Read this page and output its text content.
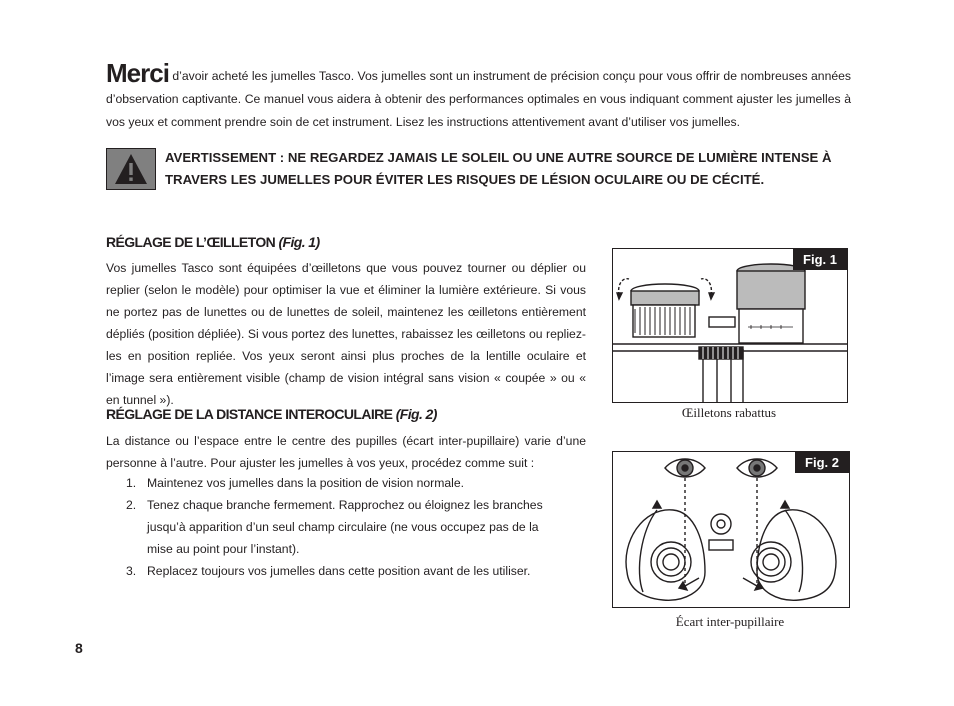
Merci d’avoir acheté les jumelles Tasco. Vos jumelles sont un instrument de précision conçu pour vous offrir de nombreuses années d’observation captivante. Ce manuel vous aidera à obtenir des performances optimales en vous indiquant comment ajuster les jumelles à vos yeux et comment prendre soin de cet instrument. Lisez les instructions attentivement avant d’utiliser vos jumelles.
AVERTISSEMENT : NE REGARDEZ JAMAIS LE SOLEIL OU UNE AUTRE SOURCE DE LUMIÈRE INTENSE À TRAVERS LES JUMELLES POUR ÉVITER LES RISQUES DE LÉSION OCULAIRE OU DE CÉCITÉ.
RÉGLAGE DE L’ŒILLETON (Fig. 1)
Vos jumelles Tasco sont équipées d’œilletons que vous pouvez tourner ou déplier ou replier (selon le modèle) pour optimiser la vue et éliminer la lumière extérieure. Si vous ne portez pas de lunettes ou de lunettes de soleil, maintenez les œilletons entièrement dépliés (position dépliée). Si vous portez des lunettes, rabaissez les œilletons ou repliez-les en position repliée. Vos yeux seront ainsi plus proches de la lentille oculaire et l’image sera entièrement visible (champ de vision intégral sans vision « coupée » ou « en tunnel »).
RÉGLAGE DE LA DISTANCE INTEROCULAIRE (Fig. 2)
La distance ou l’espace entre le centre des pupilles (écart inter-pupillaire) varie d’une personne à l’autre. Pour ajuster les jumelles à vos yeux, procédez comme suit :
1. Maintenez vos jumelles dans la position de vision normale.
2. Tenez chaque branche fermement. Rapprochez ou éloignez les branches jusqu’à apparition d’un seul champ circulaire (ne vous occupez pas de la mise au point pour l’instant).
3. Replacez toujours vos jumelles dans cette position avant de les utiliser.
Fig. 1
Œilletons rabattus
Fig. 2
Écart inter-pupillaire
8
